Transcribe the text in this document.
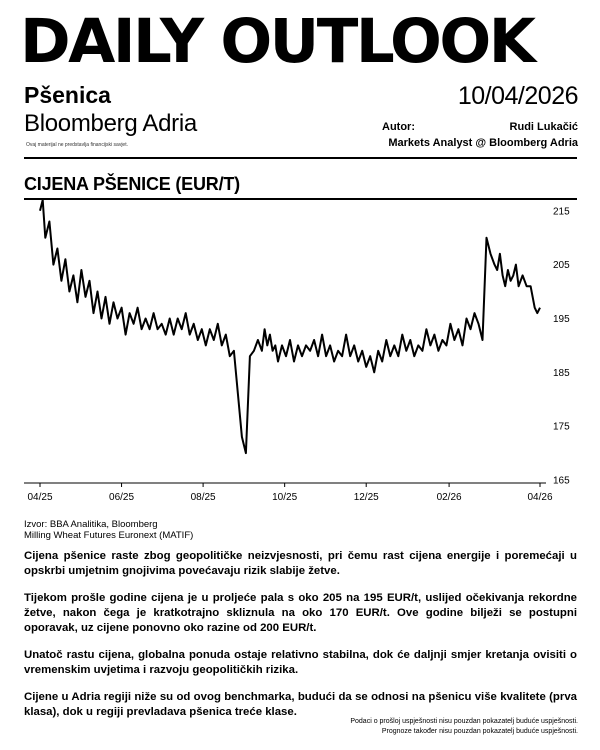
DAILY OUTLOOK
Pšenica	10/04/2026
Bloomberg Adria
Ovaj materijal ne predstavlja financijski savjet.
Autor:	Rudi Lukačić
Markets Analyst @ Bloomberg Adria
CIJENA PŠENICE (EUR/T)
165
175
185
195
205
215
04/25	06/25	08/25	10/25	12/25	02/26	04/26
Izvor: BBA Analitika, Bloomberg
Milling Wheat Futures Euronext (MATIF)

Cijena pšenice raste zbog geopolitičke neizvjesnosti, pri čemu rast cijena energije i poremećaji u opskrbi umjetnim gnojivima povećavaju rizik slabije žetve.

Tijekom prošle godine cijena je u proljeće pala s oko 205 na 195 EUR/t, uslijed očekivanja rekordne žetve, nakon čega je kratkotrajno skliznula na oko 170 EUR/t. Ove godine bilježi se postupni oporavak, uz cijene ponovno oko razine od 200 EUR/t.

Unatoč rastu cijena, globalna ponuda ostaje relativno stabilna, dok će daljnji smjer kretanja ovisiti o vremenskim uvjetima i razvoju geopolitičkih rizika.

Cijene u Adria regiji niže su od ovog benchmarka, budući da se odnosi na pšenicu više kvalitete (prva klasa), dok u regiji prevladava pšenica treće klase.

Podaci o prošloj uspješnosti nisu pouzdan pokazatelj buduće uspješnosti.
Prognoze također nisu pouzdan pokazatelj buduće uspješnosti.
